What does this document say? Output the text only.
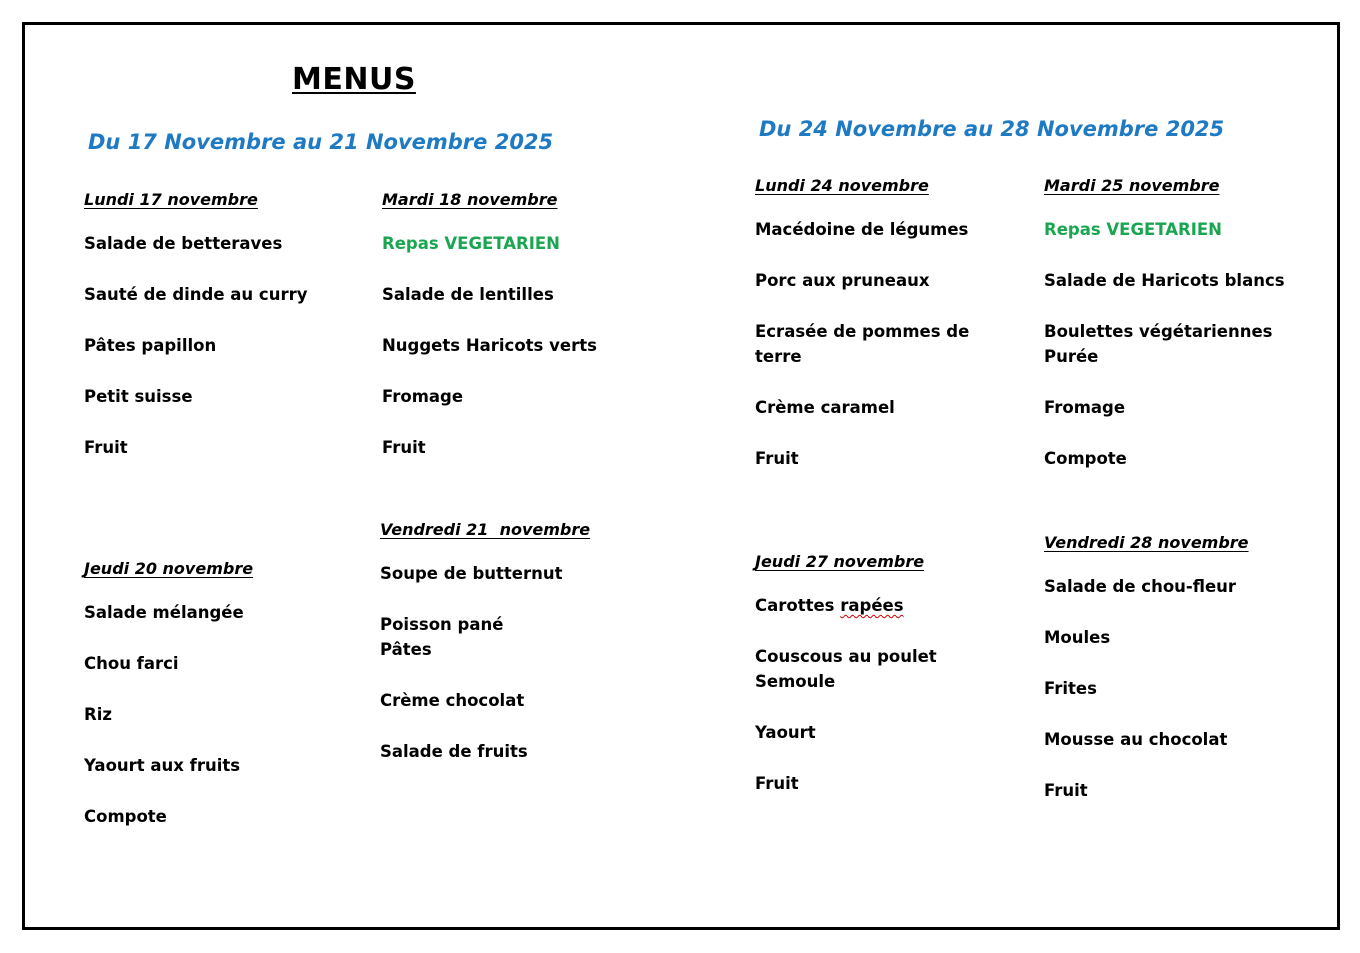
MENUS
Du 17 Novembre au 21 Novembre 2025
Du 24 Novembre au 28 Novembre 2025
Lundi 17 novembre
Salade de betteraves
Sauté de dinde au curry
Pâtes papillon
Petit suisse
Fruit
Mardi 18 novembre
Repas VEGETARIEN
Salade de lentilles
Nuggets Haricots verts
Fromage
Fruit
Jeudi 20 novembre
Salade mélangée
Chou farci
Riz
Yaourt aux fruits
Compote
Vendredi 21  novembre
Soupe de butternut
Poisson pané
Pâtes
Crème chocolat
Salade de fruits
Lundi 24 novembre
Macédoine de légumes
Porc aux pruneaux
Ecrasée de pommes de terre
Crème caramel
Fruit
Mardi 25 novembre
Repas VEGETARIEN
Salade de Haricots blancs
Boulettes végétariennes
Purée
Fromage
Compote
Jeudi 27 novembre
Carottes rapées
Couscous au poulet
Semoule
Yaourt
Fruit
Vendredi 28 novembre
Salade de chou-fleur
Moules
Frites
Mousse au chocolat
Fruit
